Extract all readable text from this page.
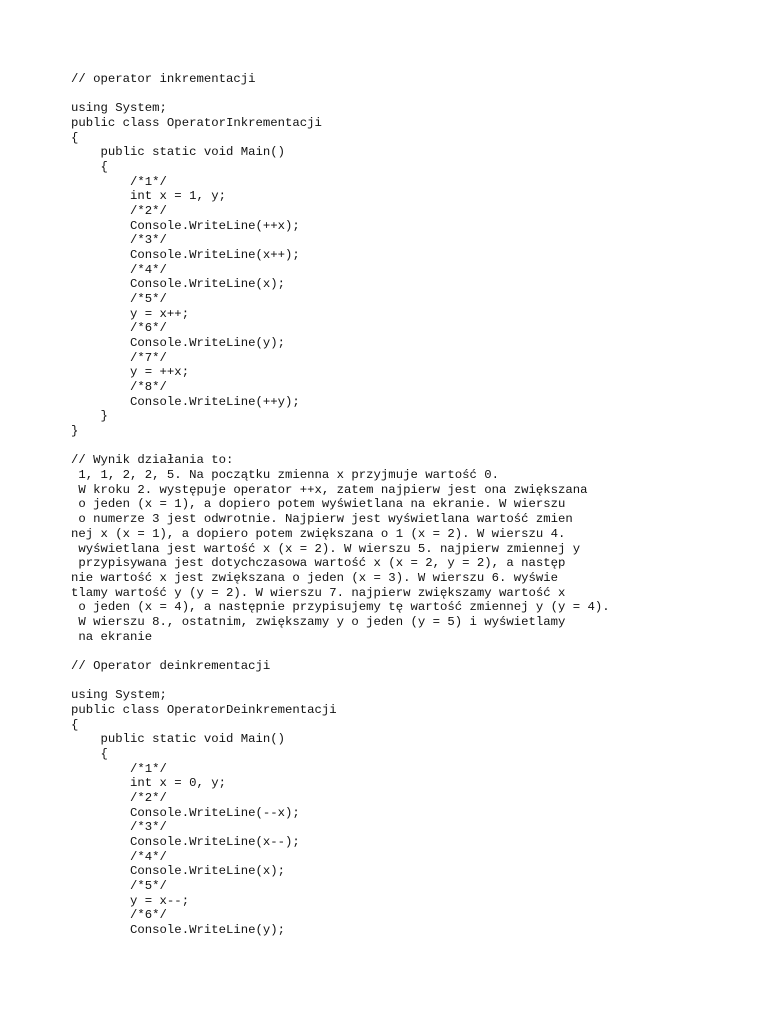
// operator inkrementacji
using System;
public class OperatorInkrementacji
{
public static void Main()
{
/*1*/
int x = 1, y;
/*2*/
Console.WriteLine(++x);
/*3*/
Console.WriteLine(x++);
/*4*/
Console.WriteLine(x);
/*5*/
y = x++;
/*6*/
Console.WriteLine(y);
/*7*/
y = ++x;
/*8*/
Console.WriteLine(++y);
}
}
// Wynik działania to:
1, 1, 2, 2, 5. Na początku zmienna x przyjmuje wartość 0.
W kroku 2. występuje operator ++x, zatem najpierw jest ona zwiększana
o jeden (x = 1), a dopiero potem wyświetlana na ekranie. W wierszu
o numerze 3 jest odwrotnie. Najpierw jest wyświetlana wartość zmien
nej x (x = 1), a dopiero potem zwiększana o 1 (x = 2). W wierszu 4.
wyświetlana jest wartość x (x = 2). W wierszu 5. najpierw zmiennej y
przypisywana jest dotychczasowa wartość x (x = 2, y = 2), a następ
nie wartość x jest zwiększana o jeden (x = 3). W wierszu 6. wyświe
tlamy wartość y (y = 2). W wierszu 7. najpierw zwiększamy wartość x
o jeden (x = 4), a następnie przypisujemy tę wartość zmiennej y (y = 4).
W wierszu 8., ostatnim, zwiększamy y o jeden (y = 5) i wyświetlamy
na ekranie
// Operator deinkrementacji
using System;
public class OperatorDeinkrementacji
{
public static void Main()
{
/*1*/
int x = 0, y;
/*2*/
Console.WriteLine(--x);
/*3*/
Console.WriteLine(x--);
/*4*/
Console.WriteLine(x);
/*5*/
y = x--;
/*6*/
Console.WriteLine(y);
